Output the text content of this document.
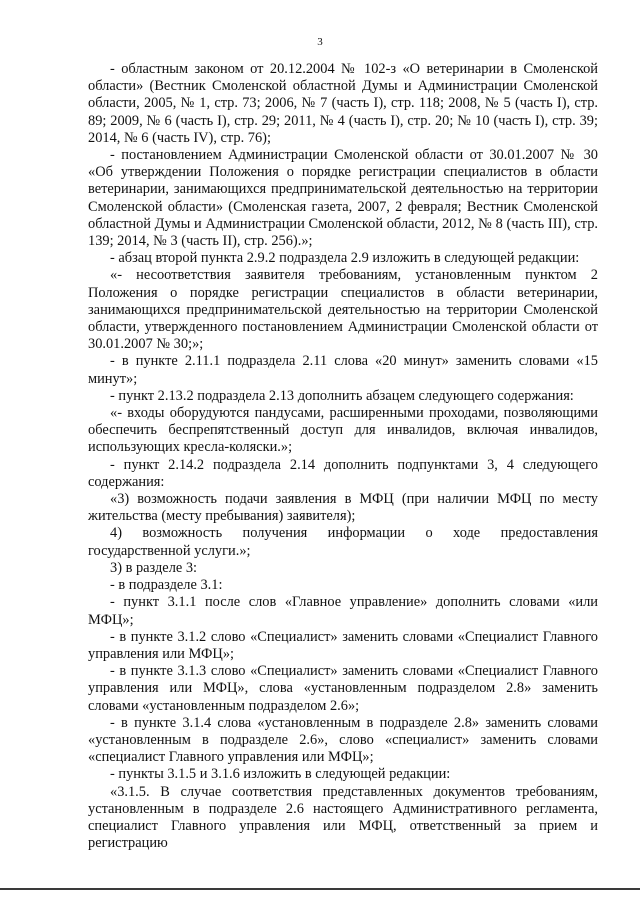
3

- областным законом от 20.12.2004 № 102-з «О ветеринарии в Смоленской области» (Вестник Смоленской областной Думы и Администрации Смоленской области, 2005, № 1, стр. 73; 2006, № 7 (часть I), стр. 118; 2008, № 5 (часть I), стр. 89; 2009, № 6 (часть I), стр. 29; 2011, № 4 (часть I), стр. 20; № 10 (часть I), стр. 39; 2014, № 6 (часть IV), стр. 76);

- постановлением Администрации Смоленской области от 30.01.2007 № 30 «Об утверждении Положения о порядке регистрации специалистов в области ветеринарии, занимающихся предпринимательской деятельностью на территории Смоленской области» (Смоленская газета, 2007, 2 февраля; Вестник Смоленской областной Думы и Администрации Смоленской области, 2012, № 8 (часть III), стр. 139; 2014, № 3 (часть II), стр. 256).»;

- абзац второй пункта 2.9.2 подраздела 2.9 изложить в следующей редакции:

«- несоответствия заявителя требованиям, установленным пунктом 2 Положения о порядке регистрации специалистов в области ветеринарии, занимающихся предпринимательской деятельностью на территории Смоленской области, утвержденного постановлением Администрации Смоленской области от 30.01.2007 № 30;»;

- в пункте 2.11.1 подраздела 2.11 слова «20 минут» заменить словами «15 минут»;

- пункт 2.13.2 подраздела 2.13 дополнить абзацем следующего содержания:

«- входы оборудуются пандусами, расширенными проходами, позволяющими обеспечить беспрепятственный доступ для инвалидов, включая инвалидов, использующих кресла-коляски.»;

- пункт 2.14.2 подраздела 2.14 дополнить подпунктами 3, 4 следующего содержания:

«3) возможность подачи заявления в МФЦ (при наличии МФЦ по месту жительства (месту пребывания) заявителя);

4) возможность получения информации о ходе предоставления государственной услуги.»;

3) в разделе 3:

- в подразделе 3.1:

- пункт 3.1.1 после слов «Главное управление» дополнить словами «или МФЦ»;

- в пункте 3.1.2 слово «Специалист» заменить словами «Специалист Главного управления или МФЦ»;

- в пункте 3.1.3 слово «Специалист» заменить словами «Специалист Главного управления или МФЦ», слова «установленным подразделом 2.8» заменить словами «установленным подразделом 2.6»;

- в пункте 3.1.4 слова «установленным в подразделе 2.8» заменить словами «установленным в подразделе 2.6», слово «специалист» заменить словами «специалист Главного управления или МФЦ»;

- пункты 3.1.5 и 3.1.6 изложить в следующей редакции:

«3.1.5. В случае соответствия представленных документов требованиям, установленным в подразделе 2.6 настоящего Административного регламента, специалист Главного управления или МФЦ, ответственный за прием и регистрацию
